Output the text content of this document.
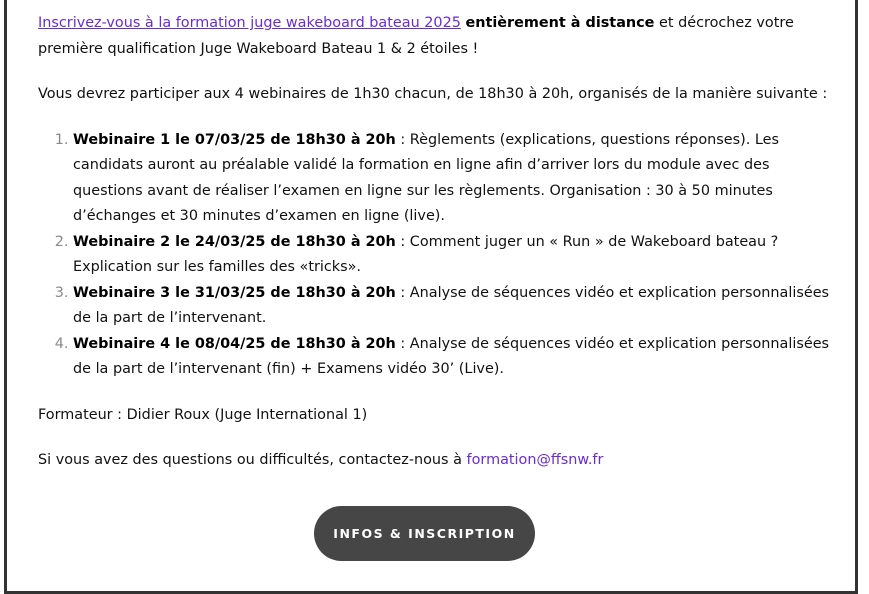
Inscrivez-vous à la formation juge wakeboard bateau 2025 entièrement à distance et décrochez votre première qualification Juge Wakeboard Bateau 1 & 2 étoiles !

Vous devrez participer aux 4 webinaires de 1h30 chacun, de 18h30 à 20h, organisés de la manière suivante :

1. Webinaire 1 le 07/03/25 de 18h30 à 20h : Règlements (explications, questions réponses). Les candidats auront au préalable validé la formation en ligne afin d’arriver lors du module avec des questions avant de réaliser l’examen en ligne sur les règlements. Organisation : 30 à 50 minutes d’échanges et 30 minutes d’examen en ligne (live).
2. Webinaire 2 le 24/03/25 de 18h30 à 20h : Comment juger un « Run » de Wakeboard bateau ? Explication sur les familles des «tricks».
3. Webinaire 3 le 31/03/25 de 18h30 à 20h : Analyse de séquences vidéo et explication personnalisées de la part de l’intervenant.
4. Webinaire 4 le 08/04/25 de 18h30 à 20h : Analyse de séquences vidéo et explication personnalisées de la part de l’intervenant (fin) + Examens vidéo 30’ (Live).

Formateur : Didier Roux (Juge International 1)

Si vous avez des questions ou difficultés, contactez-nous à formation@ffsnw.fr

INFOS & INSCRIPTION
